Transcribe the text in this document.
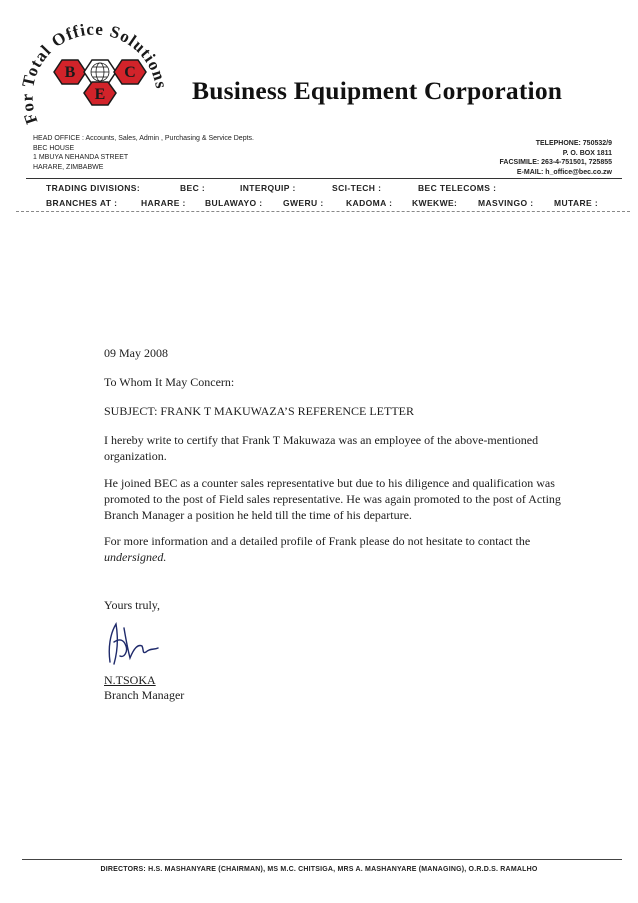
For Total Office Solutions
B
E
C
Business Equipment Corporation
HEAD OFFICE : Accounts, Sales, Admin , Purchasing & Service Depts.
BEC HOUSE
1 MBUYA NEHANDA STREET
HARARE, ZIMBABWE
TELEPHONE: 750532/9
P. O. BOX 1811
FACSIMILE: 263-4-751501, 725855
E-MAIL: h_office@bec.co.zw
TRADING DIVISIONS:	BEC :	INTERQUIP :	SCI-TECH :	BEC TELECOMS :
BRANCHES AT :	HARARE : BULAWAYO : GWERU :	KADOMA : KWEKWE: MASVINGO : MUTARE :
09 May 2008
To Whom It May Concern:
SUBJECT: FRANK T MAKUWAZA’S REFERENCE LETTER
I hereby write to certify that Frank T Makuwaza was an employee of the above-mentioned organization.
He joined BEC as a counter sales representative but due to his diligence and qualification was promoted to the post of Field sales representative. He was again promoted to the post of Acting Branch Manager a position he held till the time of his departure.
For more information and a detailed profile of Frank please do not hesitate to contact the undersigned.
Yours truly,
N.TSOKA
Branch Manager
DIRECTORS: H.S. MASHANYARE (CHAIRMAN), MS M.C. CHITSIGA, MRS A. MASHANYARE (MANAGING), O.R.D.S. RAMALHO
